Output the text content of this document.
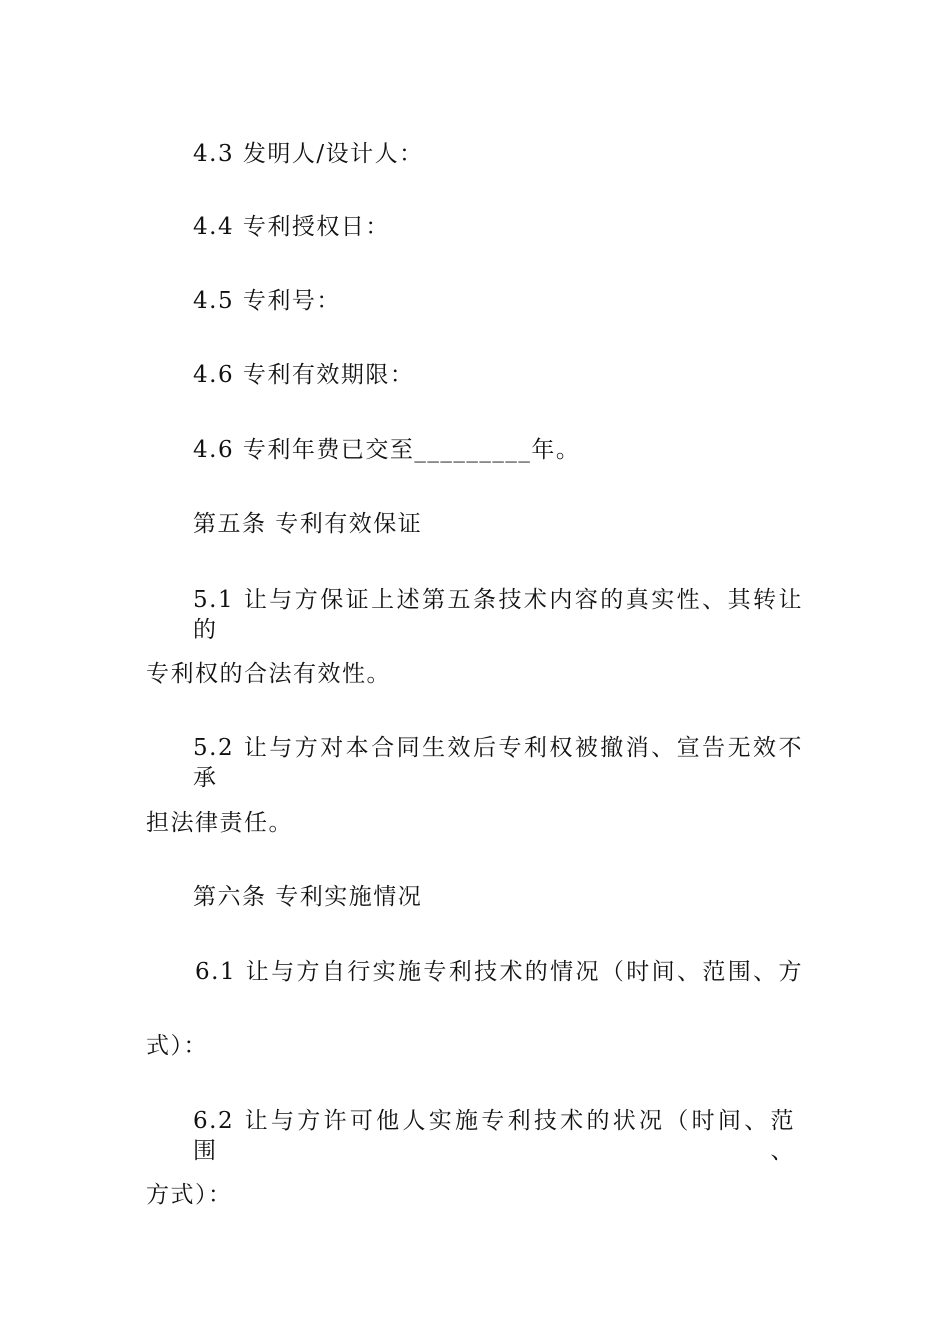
4.3 发明人/设计人：
4.4 专利授权日：
4.5 专利号：
4.6 专利有效期限：
4.6 专利年费已交至_________年。
第五条 专利有效保证
5.1 让与方保证上述第五条技术内容的真实性、其转让的
专利权的合法有效性。
5.2 让与方对本合同生效后专利权被撤消、宣告无效不承
担法律责任。
第六条 专利实施情况
6.1 让与方自行实施专利技术的情况（时间、范围、方
式）：
6.2 让与方许可他人实施专利技术的状况（时间、范围、
方式）：
